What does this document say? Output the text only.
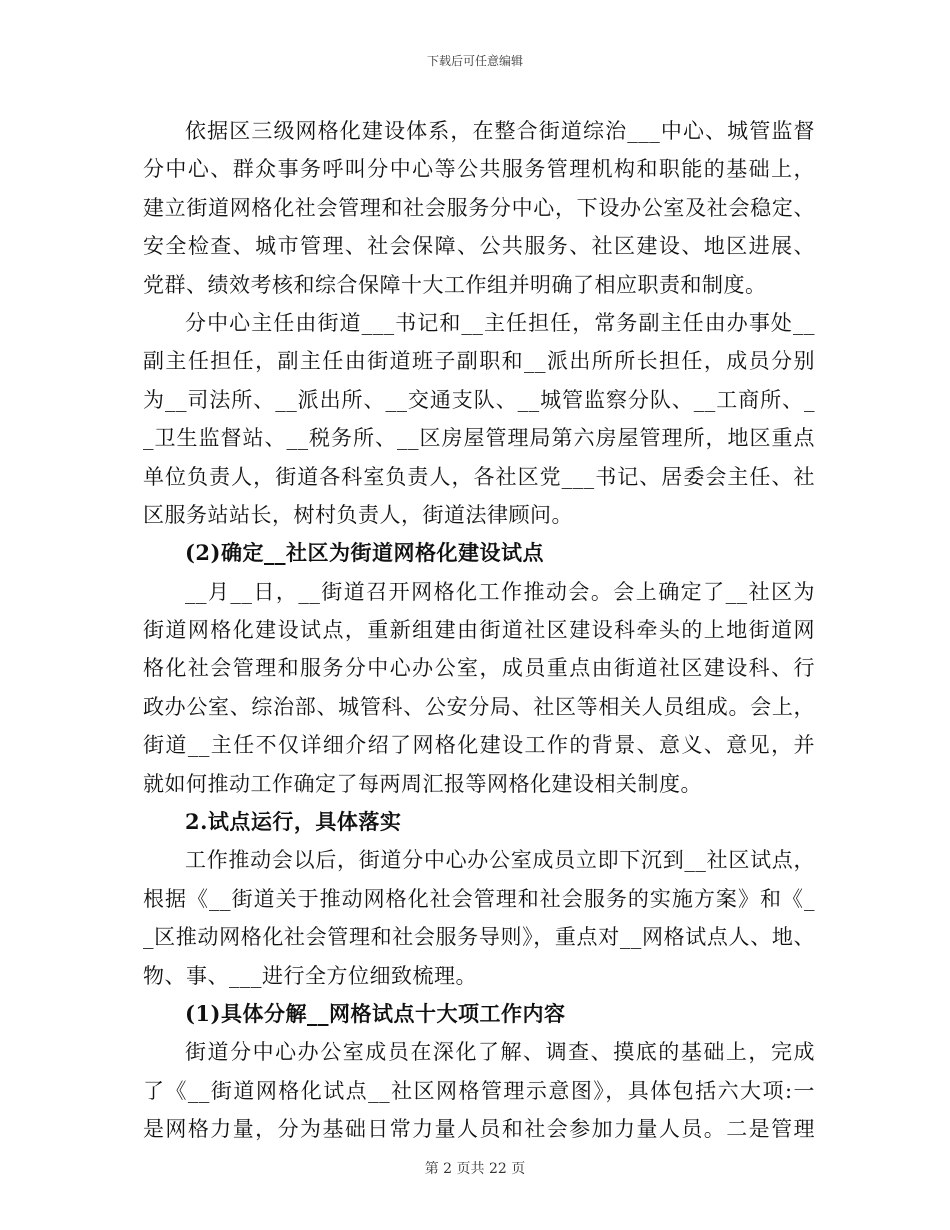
下载后可任意编辑
依据区三级网格化建设体系，在整合街道综治___中心、城管监督
分中心、群众事务呼叫分中心等公共服务管理机构和职能的基础上，
建立街道网格化社会管理和社会服务分中心，下设办公室及社会稳定、
安全检查、城市管理、社会保障、公共服务、社区建设、地区进展、
党群、绩效考核和综合保障十大工作组并明确了相应职责和制度。
分中心主任由街道___书记和__主任担任，常务副主任由办事处__
副主任担任，副主任由街道班子副职和__派出所所长担任，成员分别
为__司法所、__派出所、__交通支队、__城管监察分队、__工商所、_
_卫生监督站、__税务所、__区房屋管理局第六房屋管理所，地区重点
单位负责人，街道各科室负责人，各社区党___书记、居委会主任、社
区服务站站长，树村负责人，街道法律顾问。
(2)确定__社区为街道网格化建设试点
__月__日，__街道召开网格化工作推动会。会上确定了__社区为
街道网格化建设试点，重新组建由街道社区建设科牵头的上地街道网
格化社会管理和服务分中心办公室，成员重点由街道社区建设科、行
政办公室、综治部、城管科、公安分局、社区等相关人员组成。会上，
街道__主任不仅详细介绍了网格化建设工作的背景、意义、意见，并
就如何推动工作确定了每两周汇报等网格化建设相关制度。
2.试点运行，具体落实
工作推动会以后，街道分中心办公室成员立即下沉到__社区试点，
根据《__街道关于推动网格化社会管理和社会服务的实施方案》和《_
_区推动网格化社会管理和社会服务导则》，重点对__网格试点人、地、
物、事、___进行全方位细致梳理。
(1)具体分解__网格试点十大项工作内容
街道分中心办公室成员在深化了解、调查、摸底的基础上，完成
了《__街道网格化试点__社区网格管理示意图》，具体包括六大项:一
是网格力量，分为基础日常力量人员和社会参加力量人员。二是管理
第 2 页共 22 页
